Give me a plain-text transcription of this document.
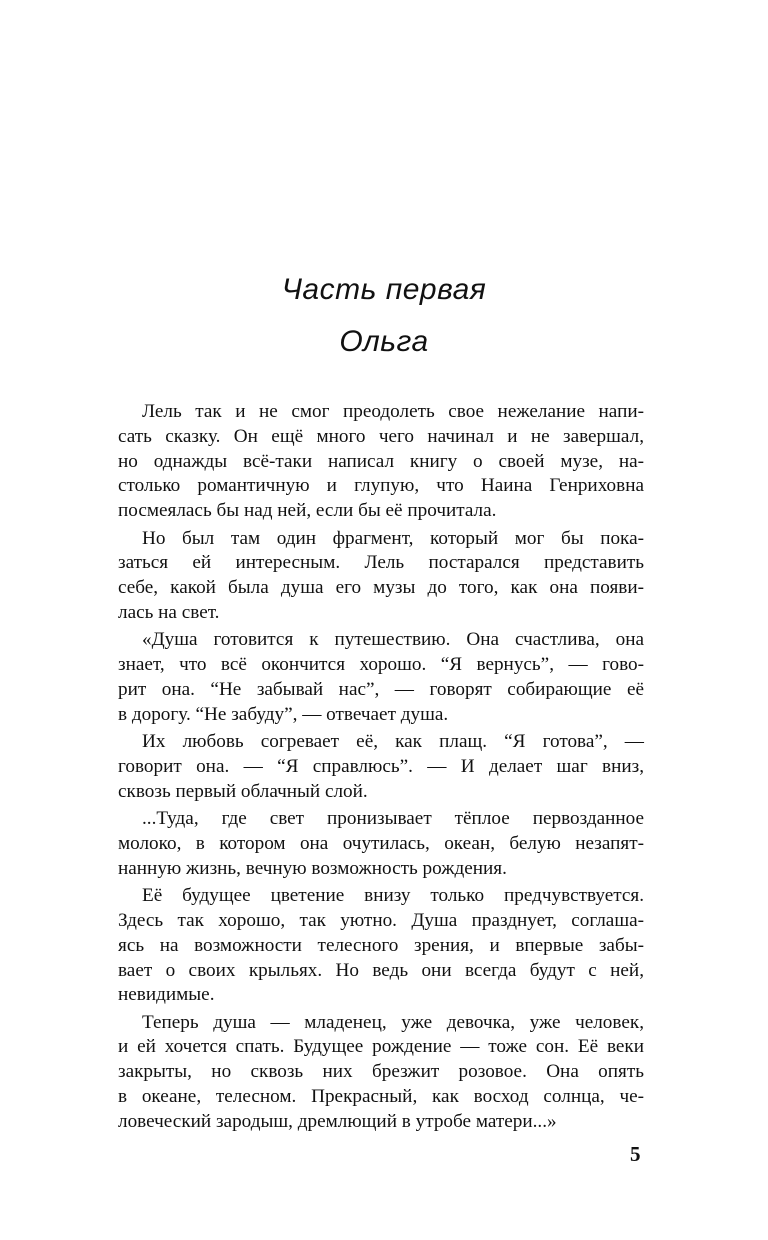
Часть первая
Ольга
Лель так и не смог преодолеть свое нежелание напи-
сать сказку. Он ещё много чего начинал и не завершал,
но однажды всё-таки написал книгу о своей музе, на-
столько романтичную и глупую, что Наина Генриховна
посмеялась бы над ней, если бы её прочитала.
Но был там один фрагмент, который мог бы пока-
заться ей интересным. Лель постарался представить
себе, какой была душа его музы до того, как она появи-
лась на свет.
«Душа готовится к путешествию. Она счастлива, она
знает, что всё окончится хорошо. “Я вернусь”, — гово-
рит она. “Не забывай нас”, — говорят собирающие её
в дорогу. “Не забуду”, — отвечает душа.
Их любовь согревает её, как плащ. “Я готова”, —
говорит она. — “Я справлюсь”. — И делает шаг вниз,
сквозь первый облачный слой.
...Туда, где свет пронизывает тёплое первозданное
молоко, в котором она очутилась, океан, белую незапят-
нанную жизнь, вечную возможность рождения.
Её будущее цветение внизу только предчувствуется.
Здесь так хорошо, так уютно. Душа празднует, соглаша-
ясь на возможности телесного зрения, и впервые забы-
вает о своих крыльях. Но ведь они всегда будут с ней,
невидимые.
Теперь душа — младенец, уже девочка, уже человек,
и ей хочется спать. Будущее рождение — тоже сон. Её веки
закрыты, но сквозь них брезжит розовое. Она опять
в океане, телесном. Прекрасный, как восход солнца, че-
ловеческий зародыш, дремлющий в утробе матери...»
5
